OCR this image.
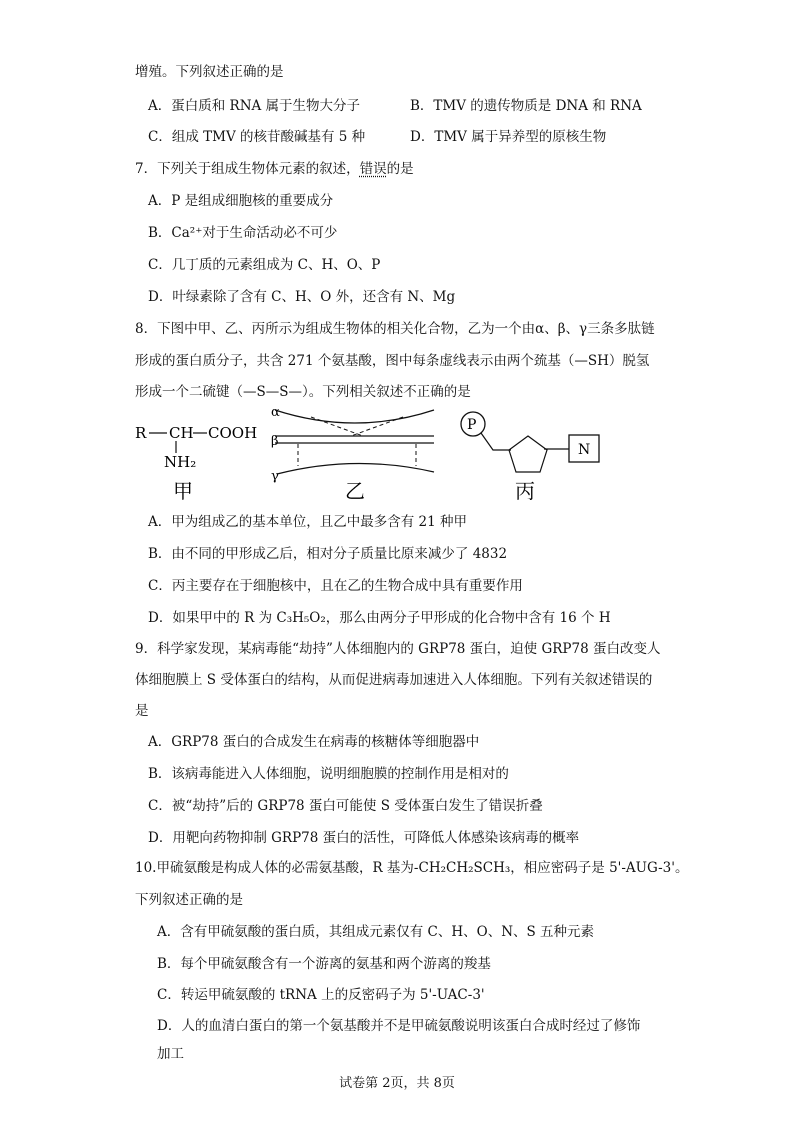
增殖。下列叙述正确的是
A．蛋白质和 RNA 属于生物大分子	B．TMV 的遗传物质是 DNA 和 RNA
C．组成 TMV 的核苷酸碱基有 5 种	D．TMV 属于异养型的原核生物
7．下列关于组成生物体元素的叙述，错误的是
A．P 是组成细胞核的重要成分
B．Ca²⁺对于生命活动必不可少
C．几丁质的元素组成为 C、H、O、P
D．叶绿素除了含有 C、H、O 外，还含有 N、Mg
8．下图中甲、乙、丙所示为组成生物体的相关化合物，乙为一个由α、β、γ三条多肽链
形成的蛋白质分子，共含 271 个氨基酸，图中每条虚线表示由两个巯基（—SH）脱氢
形成一个二硫键（—S—S—）。下列相关叙述不正确的是
R CH COOH
NH₂
甲
α
β
γ
乙
P
N
丙
A．甲为组成乙的基本单位，且乙中最多含有 21 种甲
B．由不同的甲形成乙后，相对分子质量比原来减少了 4832
C．丙主要存在于细胞核中，且在乙的生物合成中具有重要作用
D．如果甲中的 R 为 C₃H₅O₂，那么由两分子甲形成的化合物中含有 16 个 H
9．科学家发现，某病毒能“劫持”人体细胞内的 GRP78 蛋白，迫使 GRP78 蛋白改变人
体细胞膜上 S 受体蛋白的结构，从而促进病毒加速进入人体细胞。下列有关叙述错误的
是
A．GRP78 蛋白的合成发生在病毒的核糖体等细胞器中
B．该病毒能进入人体细胞，说明细胞膜的控制作用是相对的
C．被“劫持”后的 GRP78 蛋白可能使 S 受体蛋白发生了错误折叠
D．用靶向药物抑制 GRP78 蛋白的活性，可降低人体感染该病毒的概率
10.甲硫氨酸是构成人体的必需氨基酸，R 基为-CH₂CH₂SCH₃，相应密码子是 5'-AUG-3'。
下列叙述正确的是
A．含有甲硫氨酸的蛋白质，其组成元素仅有 C、H、O、N、S 五种元素
B．每个甲硫氨酸含有一个游离的氨基和两个游离的羧基
C．转运甲硫氨酸的 tRNA 上的反密码子为 5'-UAC-3'
D．人的血清白蛋白的第一个氨基酸并不是甲硫氨酸说明该蛋白合成时经过了修饰
加工
试卷第 2页，共 8页
